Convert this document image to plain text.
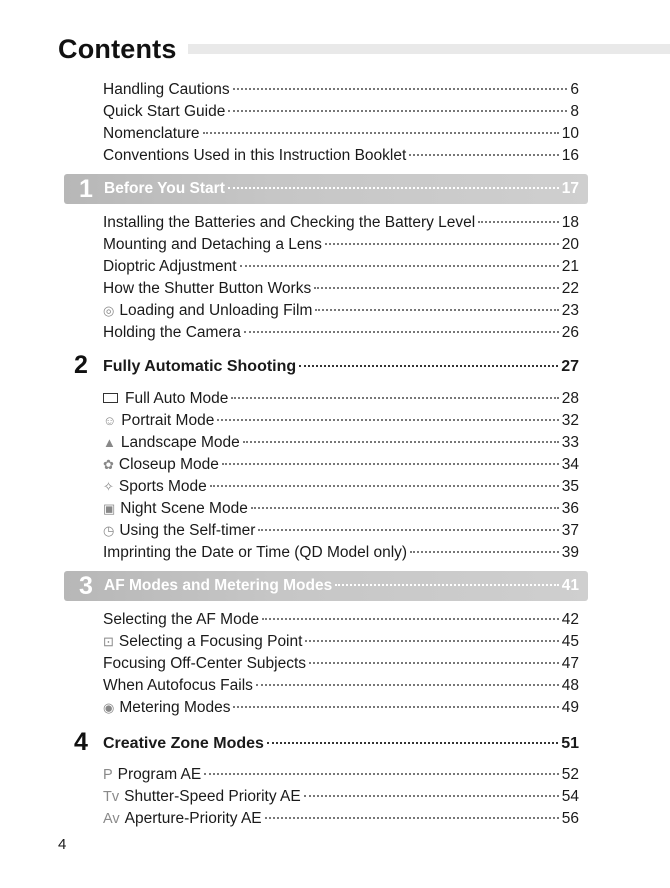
Contents
Handling Cautions	6
Quick Start Guide	8
Nomenclature	10
Conventions Used in this Instruction Booklet	16
1 Before You Start	17
Installing the Batteries and Checking the Battery Level	18
Mounting and Detaching a Lens	20
Dioptric Adjustment	21
How the Shutter Button Works	22
◎ Loading and Unloading Film	23
Holding the Camera	26
2 Fully Automatic Shooting	27
Full Auto Mode	28
☺ Portrait Mode	32
▲ Landscape Mode	33
✿ Closeup Mode	34
✧ Sports Mode	35
▣ Night Scene Mode	36
◷ Using the Self-timer	37
Imprinting the Date or Time (QD Model only)	39
3 AF Modes and Metering Modes	41
Selecting the AF Mode	42
⊡ Selecting a Focusing Point	45
Focusing Off-Center Subjects	47
When Autofocus Fails	48
◉ Metering Modes	49
4 Creative Zone Modes	51
P Program AE	52
Tv Shutter-Speed Priority AE	54
Av Aperture-Priority AE	56
4
